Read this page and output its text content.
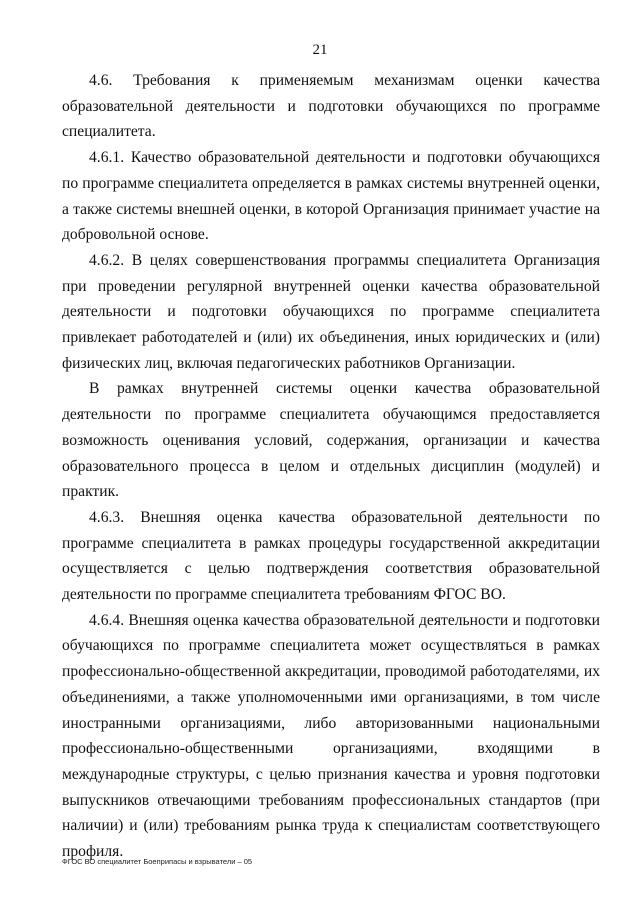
21

4.6. Требования к применяемым механизмам оценки качества образовательной деятельности и подготовки обучающихся по программе специалитета.

4.6.1. Качество образовательной деятельности и подготовки обучающихся по программе специалитета определяется в рамках системы внутренней оценки, а также системы внешней оценки, в которой Организация принимает участие на добровольной основе.

4.6.2. В целях совершенствования программы специалитета Организация при проведении регулярной внутренней оценки качества образовательной деятельности и подготовки обучающихся по программе специалитета привлекает работодателей и (или) их объединения, иных юридических и (или) физических лиц, включая педагогических работников Организации.

В рамках внутренней системы оценки качества образовательной деятельности по программе специалитета обучающимся предоставляется возможность оценивания условий, содержания, организации и качества образовательного процесса в целом и отдельных дисциплин (модулей) и практик.

4.6.3. Внешняя оценка качества образовательной деятельности по программе специалитета в рамках процедуры государственной аккредитации осуществляется с целью подтверждения соответствия образовательной деятельности по программе специалитета требованиям ФГОС ВО.

4.6.4. Внешняя оценка качества образовательной деятельности и подготовки обучающихся по программе специалитета может осуществляться в рамках профессионально-общественной аккредитации, проводимой работодателями, их объединениями, а также уполномоченными ими организациями, в том числе иностранными организациями, либо авторизованными национальными профессионально-общественными организациями, входящими в международные структуры, с целью признания качества и уровня подготовки выпускников отвечающими требованиям профессиональных стандартов (при наличии) и (или) требованиям рынка труда к специалистам соответствующего профиля.

ФГОС ВО специалитет Боеприпасы и взрыватели – 05
